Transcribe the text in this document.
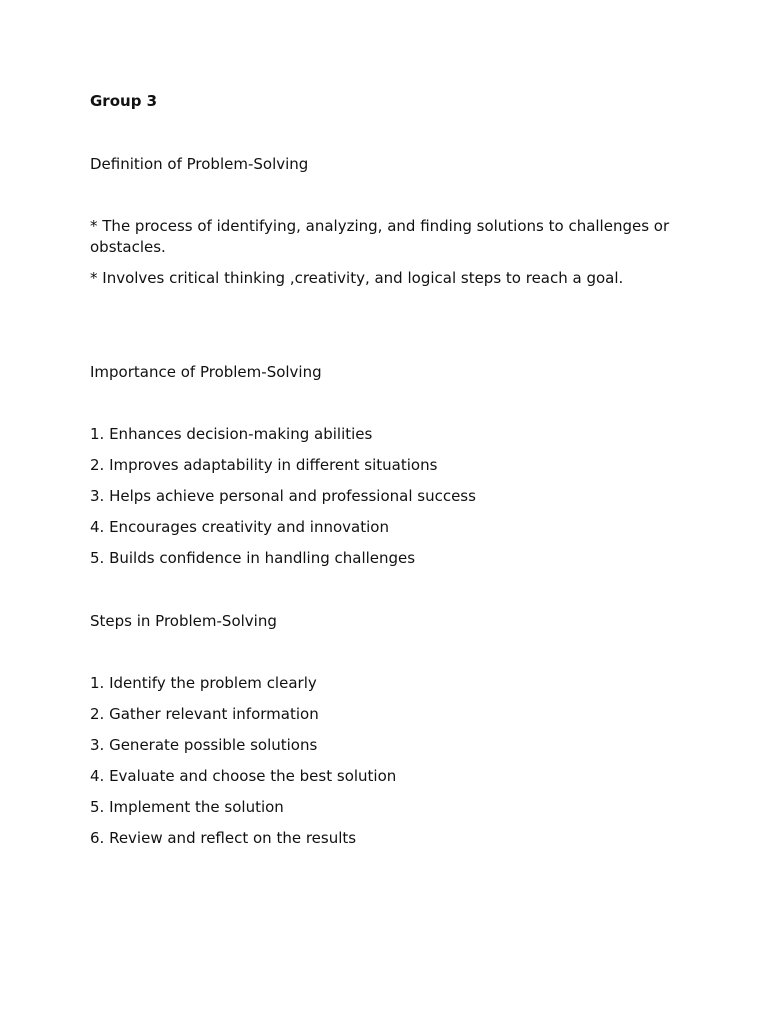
Group 3

Definition of Problem-Solving

* The process of identifying, analyzing, and finding solutions to challenges or obstacles.

* Involves critical thinking ,creativity, and logical steps to reach a goal.

Importance of Problem-Solving

1. Enhances decision-making abilities

2. Improves adaptability in different situations

3. Helps achieve personal and professional success

4. Encourages creativity and innovation

5. Builds confidence in handling challenges

Steps in Problem-Solving

1. Identify the problem clearly

2. Gather relevant information

3. Generate possible solutions

4. Evaluate and choose the best solution

5. Implement the solution

6. Review and reflect on the results
